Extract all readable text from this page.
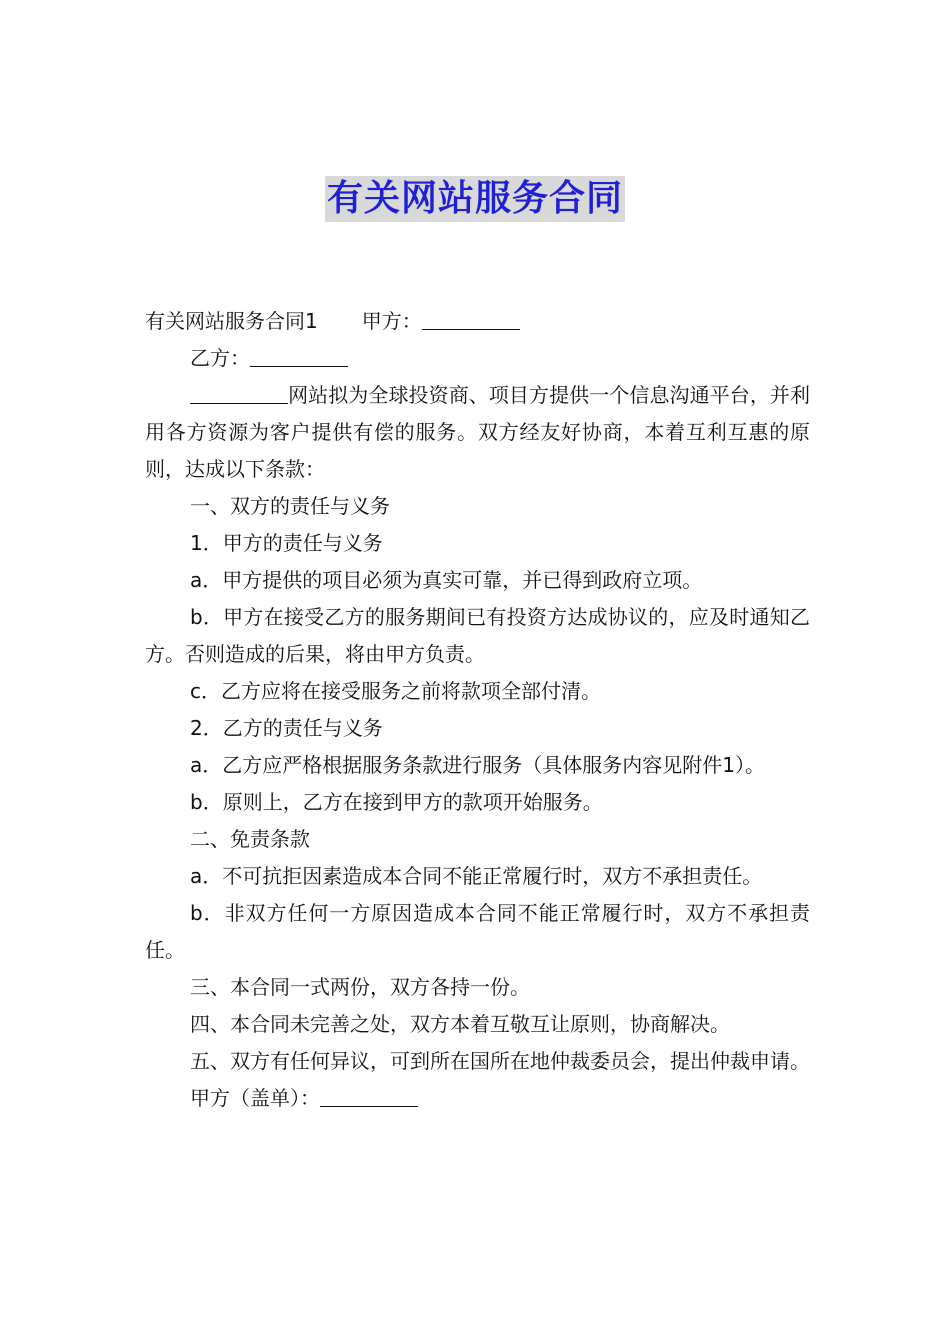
有关网站服务合同

有关网站服务合同1 甲方：

乙方：

网站拟为全球投资商、项目方提供一个信息沟通平台，并利用各方资源为客户提供有偿的服务。双方经友好协商，本着互利互惠的原则，达成以下条款：

一、双方的责任与义务

1．甲方的责任与义务

a．甲方提供的项目必须为真实可靠，并已得到政府立项。

b．甲方在接受乙方的服务期间已有投资方达成协议的，应及时通知乙方。否则造成的后果，将由甲方负责。

c．乙方应将在接受服务之前将款项全部付清。

2．乙方的责任与义务

a．乙方应严格根据服务条款进行服务（具体服务内容见附件1）。

b．原则上，乙方在接到甲方的款项开始服务。

二、免责条款

a．不可抗拒因素造成本合同不能正常履行时，双方不承担责任。

b．非双方任何一方原因造成本合同不能正常履行时，双方不承担责任。

三、本合同一式两份，双方各持一份。

四、本合同未完善之处，双方本着互敬互让原则，协商解决。

五、双方有任何异议，可到所在国所在地仲裁委员会，提出仲裁申请。

甲方（盖单）：
